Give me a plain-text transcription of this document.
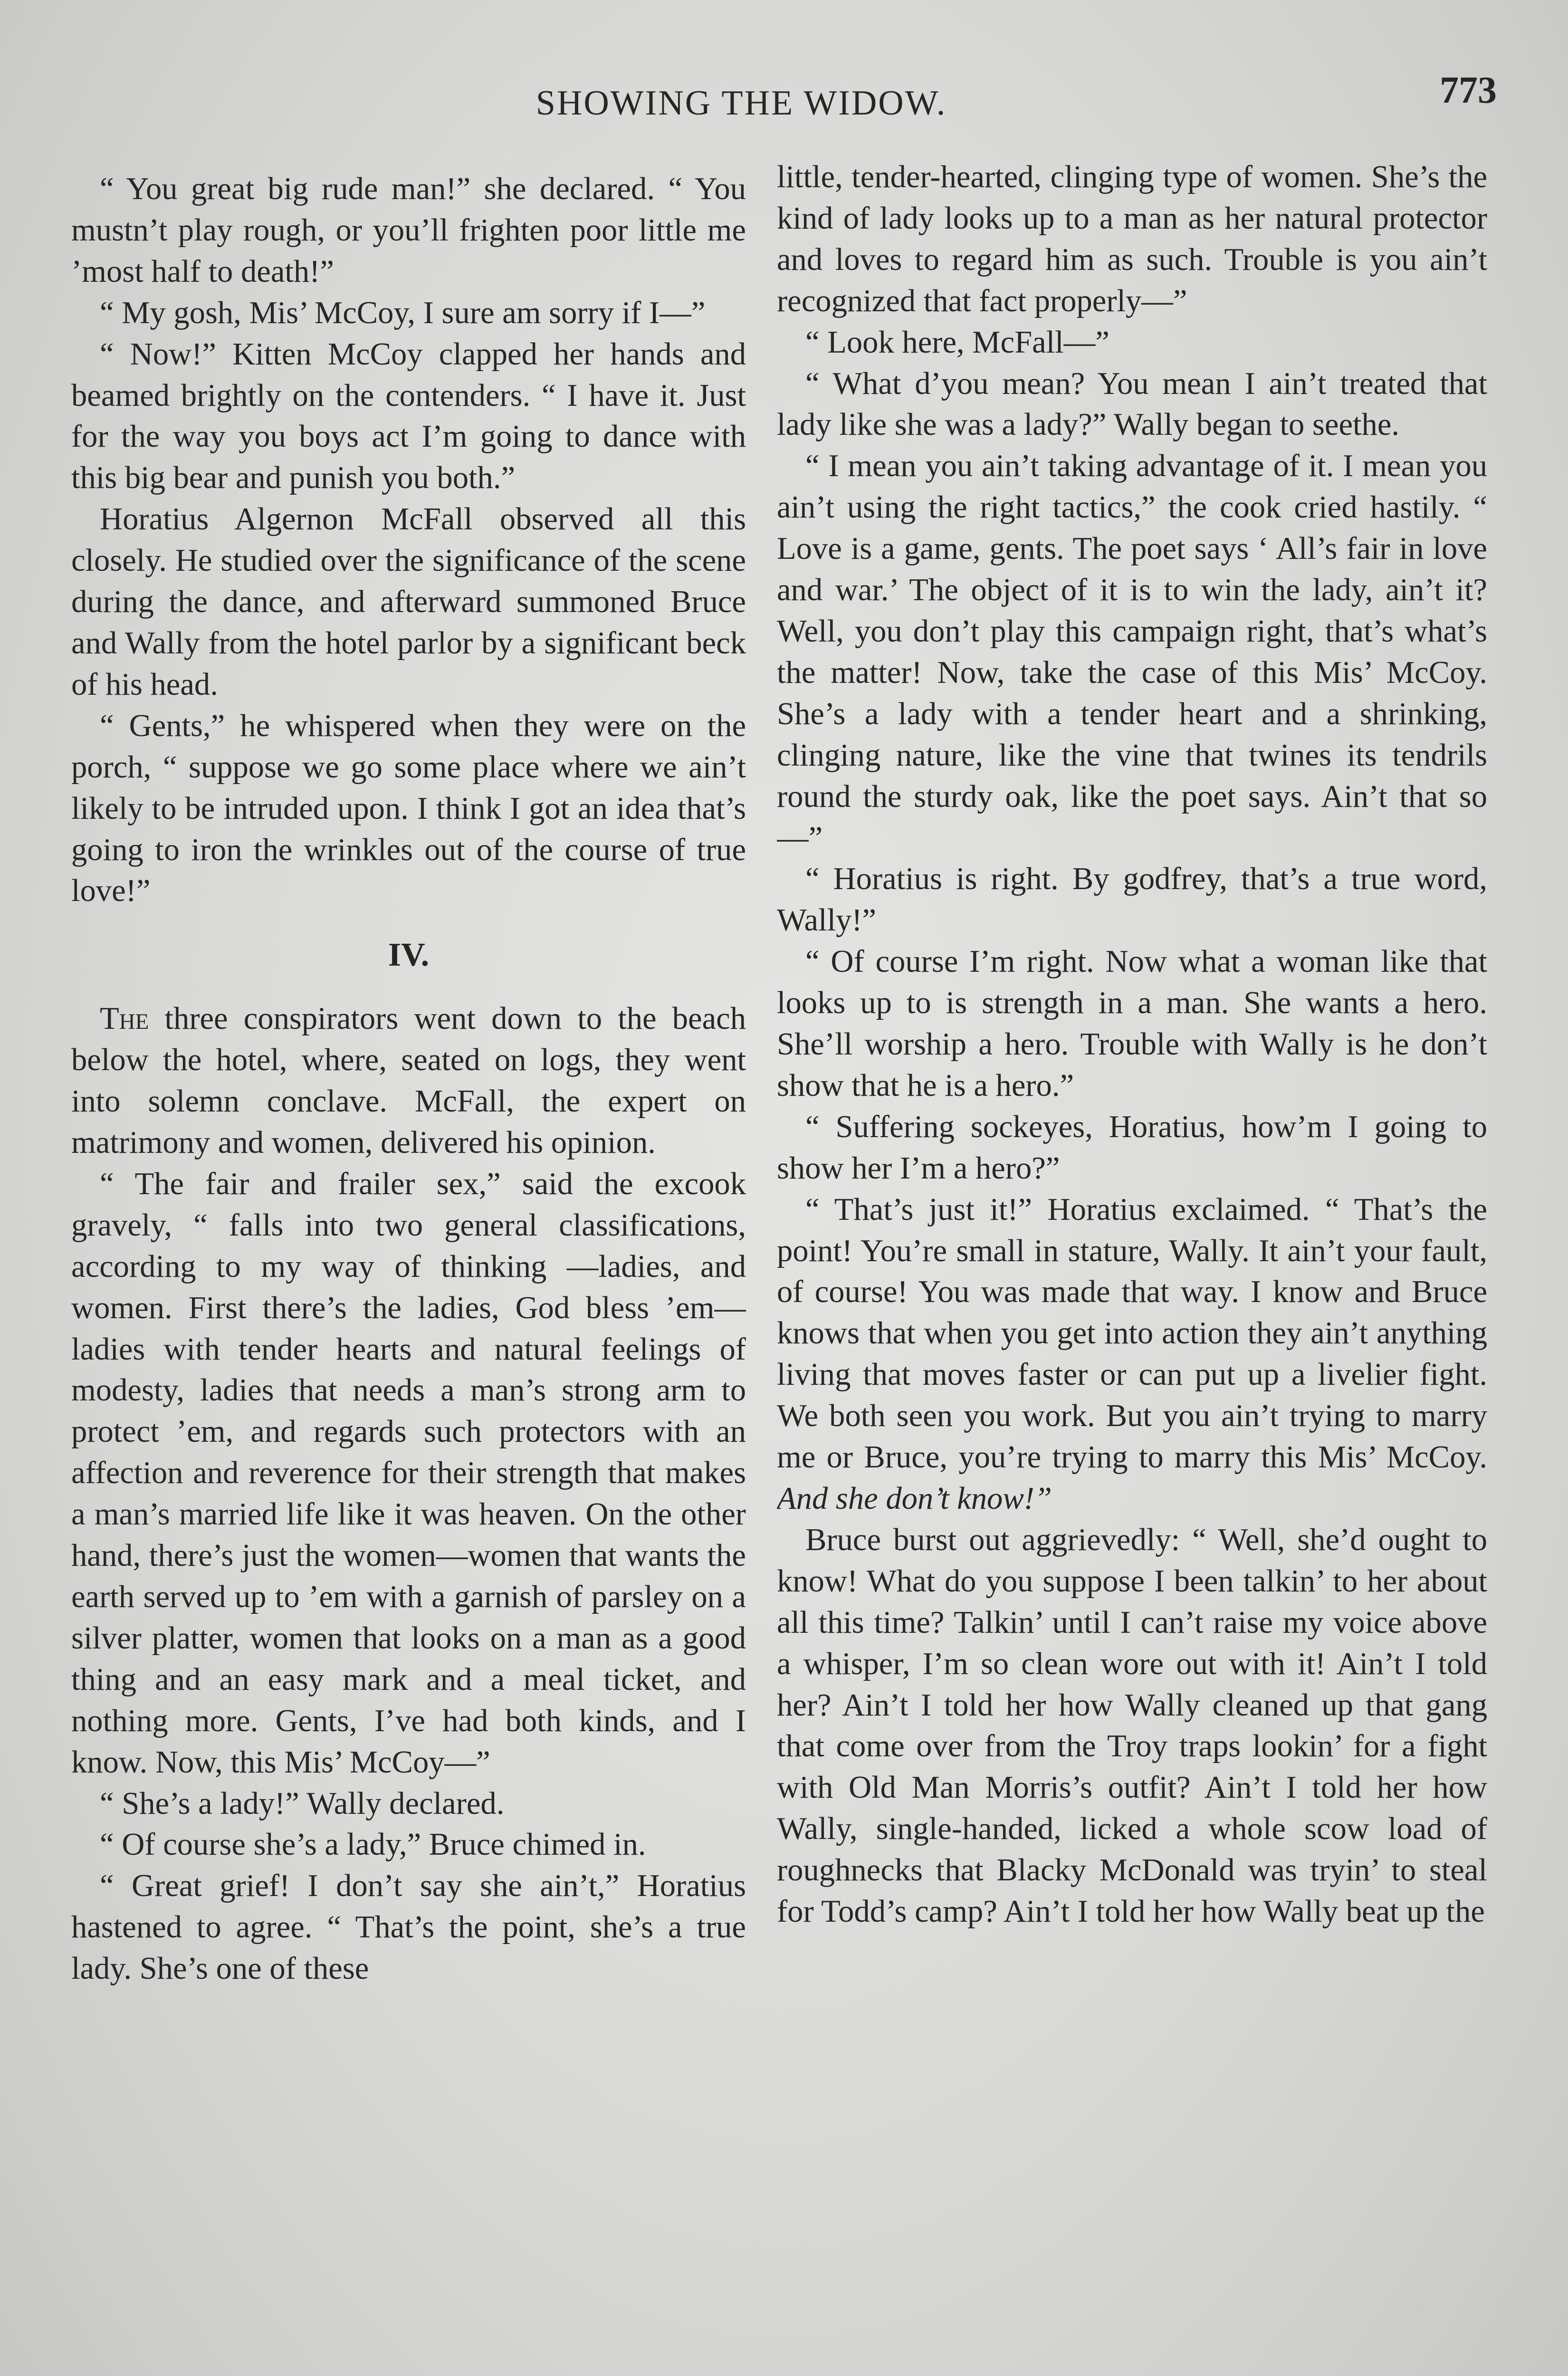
SHOWING THE WIDOW.	773

“ You great big rude man!” she declared. “ You mustn’t play rough, or you’ll frighten poor little me ’most half to death!”

“ My gosh, Mis’ McCoy, I sure am sorry if I—”

“ Now!” Kitten McCoy clapped her hands and beamed brightly on the contenders. “ I have it. Just for the way you boys act I’m going to dance with this big bear and punish you both.”

Horatius Algernon McFall observed all this closely. He studied over the significance of the scene during the dance, and afterward summoned Bruce and Wally from the hotel parlor by a significant beck of his head.

“ Gents,” he whispered when they were on the porch, “ suppose we go some place where we ain’t likely to be intruded upon. I think I got an idea that’s going to iron the wrinkles out of the course of true love!”

IV.

The three conspirators went down to the beach below the hotel, where, seated on logs, they went into solemn conclave. McFall, the expert on matrimony and women, delivered his opinion.

“ The fair and frailer sex,” said the excook gravely, “ falls into two general classifications, according to my way of thinking —ladies, and women. First there’s the ladies, God bless ’em—ladies with tender hearts and natural feelings of modesty, ladies that needs a man’s strong arm to protect ’em, and regards such protectors with an affection and reverence for their strength that makes a man’s married life like it was heaven. On the other hand, there’s just the women—women that wants the earth served up to ’em with a garnish of parsley on a silver platter, women that looks on a man as a good thing and an easy mark and a meal ticket, and nothing more. Gents, I’ve had both kinds, and I know. Now, this Mis’ McCoy—”

“ She’s a lady!” Wally declared.

“ Of course she’s a lady,” Bruce chimed in.

“ Great grief! I don’t say she ain’t,” Horatius hastened to agree. “ That’s the point, she’s a true lady. She’s one of these

little, tender-hearted, clinging type of women. She’s the kind of lady looks up to a man as her natural protector and loves to regard him as such. Trouble is you ain’t recognized that fact properly—”

“ Look here, McFall—”

“ What d’you mean? You mean I ain’t treated that lady like she was a lady?” Wally began to seethe.

“ I mean you ain’t taking advantage of it. I mean you ain’t using the right tactics,” the cook cried hastily. “ Love is a game, gents. The poet says ‘ All’s fair in love and war.’ The object of it is to win the lady, ain’t it? Well, you don’t play this campaign right, that’s what’s the matter! Now, take the case of this Mis’ McCoy. She’s a lady with a tender heart and a shrinking, clinging nature, like the vine that twines its tendrils round the sturdy oak, like the poet says. Ain’t that so—”

“ Horatius is right. By godfrey, that’s a true word, Wally!”

“ Of course I’m right. Now what a woman like that looks up to is strength in a man. She wants a hero. She’ll worship a hero. Trouble with Wally is he don’t show that he is a hero.”

“ Suffering sockeyes, Horatius, how’m I going to show her I’m a hero?”

“ That’s just it!” Horatius exclaimed. “ That’s the point! You’re small in stature, Wally. It ain’t your fault, of course! You was made that way. I know and Bruce knows that when you get into action they ain’t anything living that moves faster or can put up a livelier fight. We both seen you work. But you ain’t trying to marry me or Bruce, you’re trying to marry this Mis’ McCoy. And she don’t know!”

Bruce burst out aggrievedly: “ Well, she’d ought to know! What do you suppose I been talkin’ to her about all this time? Talkin’ until I can’t raise my voice above a whisper, I’m so clean wore out with it! Ain’t I told her? Ain’t I told her how Wally cleaned up that gang that come over from the Troy traps lookin’ for a fight with Old Man Morris’s outfit? Ain’t I told her how Wally, single-handed, licked a whole scow load of roughnecks that Blacky McDonald was tryin’ to steal for Todd’s camp? Ain’t I told her how Wally beat up the
